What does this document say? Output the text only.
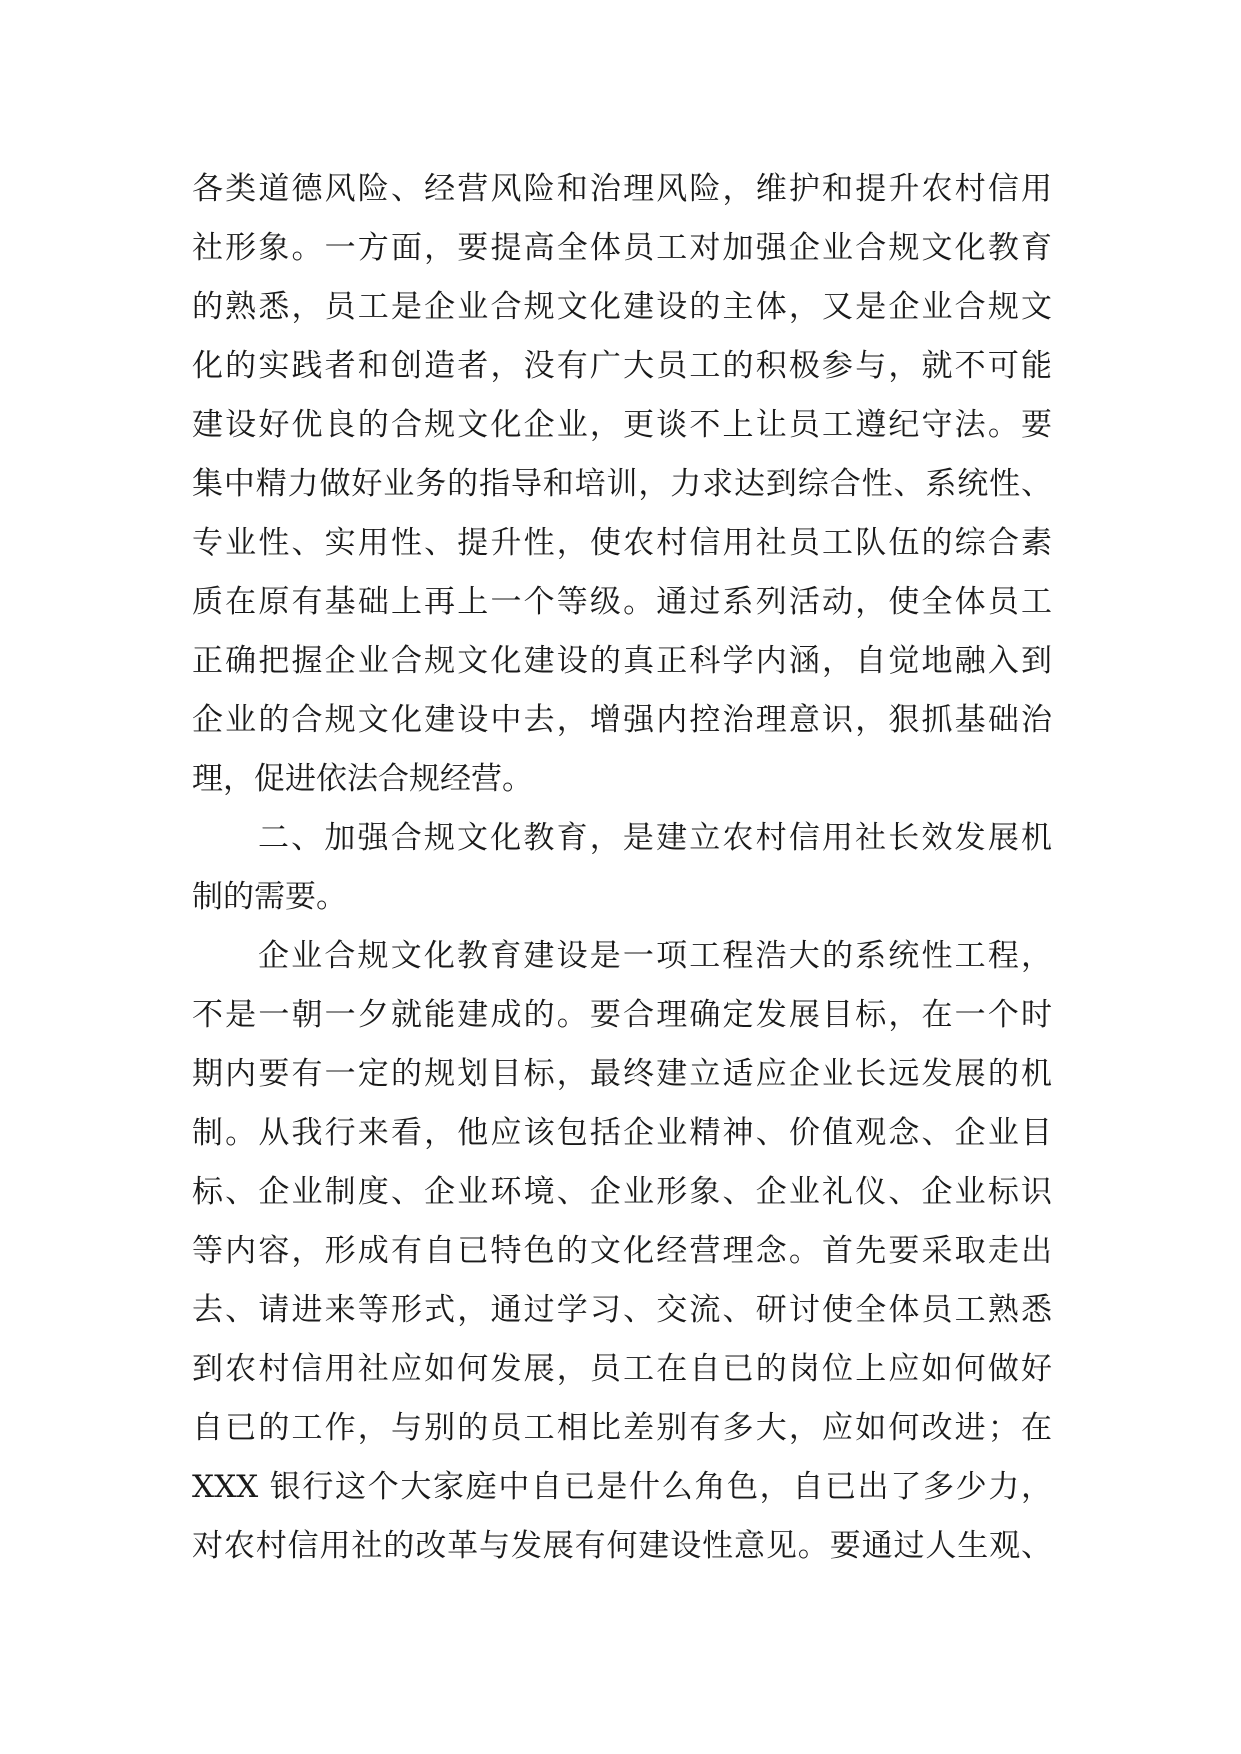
各类道德风险、经营风险和治理风险，维护和提升农村信用
社形象。一方面，要提高全体员工对加强企业合规文化教育
的熟悉，员工是企业合规文化建设的主体，又是企业合规文
化的实践者和创造者，没有广大员工的积极参与，就不可能
建设好优良的合规文化企业，更谈不上让员工遵纪守法。要
集中精力做好业务的指导和培训，力求达到综合性、系统性、
专业性、实用性、提升性，使农村信用社员工队伍的综合素
质在原有基础上再上一个等级。通过系列活动，使全体员工
正确把握企业合规文化建设的真正科学内涵，自觉地融入到
企业的合规文化建设中去，增强内控治理意识，狠抓基础治
理，促进依法合规经营。
二、加强合规文化教育，是建立农村信用社长效发展机
制的需要。
企业合规文化教育建设是一项工程浩大的系统性工程，
不是一朝一夕就能建成的。要合理确定发展目标，在一个时
期内要有一定的规划目标，最终建立适应企业长远发展的机
制。从我行来看，他应该包括企业精神、价值观念、企业目
标、企业制度、企业环境、企业形象、企业礼仪、企业标识
等内容，形成有自已特色的文化经营理念。首先要采取走出
去、请进来等形式，通过学习、交流、研讨使全体员工熟悉
到农村信用社应如何发展，员工在自已的岗位上应如何做好
自已的工作，与别的员工相比差别有多大，应如何改进；在
XXX 银行这个大家庭中自已是什么角色，自已出了多少力，
对农村信用社的改革与发展有何建设性意见。要通过人生观、
